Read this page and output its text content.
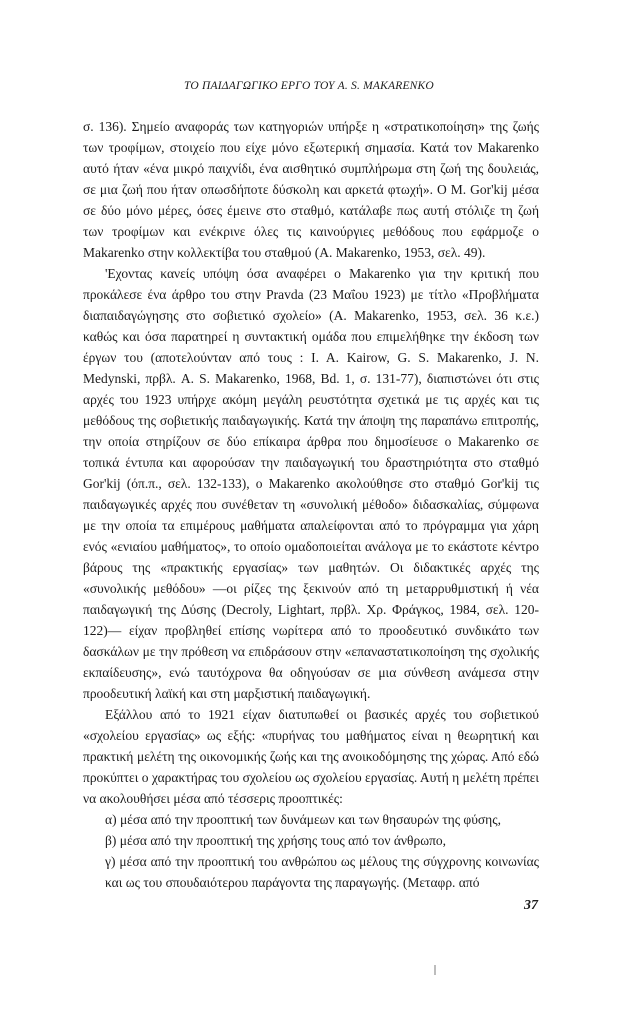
ΤΟ ΠΑΙΔΑΓΩΓΙΚΟ ΕΡΓΟ ΤΟΥ A. S. MAKARENKO

σ. 136). Σημείο αναφοράς των κατηγοριών υπήρξε η «στρατικοποίηση» της ζωής των τροφίμων, στοιχείο που είχε μόνο εξωτερική σημασία. Κατά τον Makarenko αυτό ήταν «ένα μικρό παιχνίδι, ένα αισθητικό συμπλήρωμα στη ζωή της δουλειάς, σε μια ζωή που ήταν οπωσδήποτε δύσκολη και αρκετά φτωχή». Ο Μ. Gor'kij μέσα σε δύο μόνο μέρες, όσες έμεινε στο σταθμό, κατάλαβε πως αυτή στόλιζε τη ζωή των τροφίμων και ενέκρινε όλες τις καινούργιες μεθόδους που εφάρμοζε ο Makarenko στην κολλεκτίβα του σταθμού (A. Makarenko, 1953, σελ. 49).

'Εχοντας κανείς υπόψη όσα αναφέρει ο Makarenko για την κριτική που προκάλεσε ένα άρθρο του στην Pravda (23 Μαΐου 1923) με τίτλο «Προβλήματα διαπαιδαγώγησης στο σοβιετικό σχολείο» (A. Makarenko, 1953, σελ. 36 κ.ε.) καθώς και όσα παρατηρεί η συντακτική ομάδα που επιμελήθηκε την έκδοση των έργων του (αποτελούνταν από τους : I. A. Kairow, G. S. Makarenko, J. N. Medynski, πρβλ. A. S. Makarenko, 1968, Bd. 1, σ. 131-77), διαπιστώνει ότι στις αρχές του 1923 υπήρχε ακόμη μεγάλη ρευστότητα σχετικά με τις αρχές και τις μεθόδους της σοβιετικής παιδαγωγικής. Κατά την άποψη της παραπάνω επιτροπής, την οποία στηρίζουν σε δύο επίκαιρα άρθρα που δημοσίευσε ο Makarenko σε τοπικά έντυπα και αφορούσαν την παιδαγωγική του δραστηριότητα στο σταθμό Gor'kij (όπ.π., σελ. 132-133), ο Makarenko ακολούθησε στο σταθμό Gor'kij τις παιδαγωγικές αρχές που συνέθεταν τη «συνολική μέθοδο» διδασκαλίας, σύμφωνα με την οποία τα επιμέρους μαθήματα απαλείφονται από το πρόγραμμα για χάρη ενός «ενιαίου μαθήματος», το οποίο ομαδοποιείται ανάλογα με το εκάστοτε κέντρο βάρους της «πρακτικής εργασίας» των μαθητών. Οι διδακτικές αρχές της «συνολικής μεθόδου» —οι ρίζες της ξεκινούν από τη μεταρρυθμιστική ή νέα παιδαγωγική της Δύσης (Decroly, Lightart, πρβλ. Χρ. Φράγκος, 1984, σελ. 120-122)— είχαν προβληθεί επίσης νωρίτερα από το προοδευτικό συνδικάτο των δασκάλων με την πρόθεση να επιδράσουν στην «επαναστατικοποίηση της σχολικής εκπαίδευσης», ενώ ταυτόχρονα θα οδηγούσαν σε μια σύνθεση ανάμεσα στην προοδευτική λαϊκή και στη μαρξιστική παιδαγωγική.

Εξάλλου από το 1921 είχαν διατυπωθεί οι βασικές αρχές του σοβιετικού «σχολείου εργασίας» ως εξής: «πυρήνας του μαθήματος είναι η θεωρητική και πρακτική μελέτη της οικονομικής ζωής και της ανοικοδόμησης της χώρας. Από εδώ προκύπτει ο χαρακτήρας του σχολείου ως σχολείου εργασίας. Αυτή η μελέτη πρέπει να ακολουθήσει μέσα από τέσσερις προοπτικές:

α) μέσα από την προοπτική των δυνάμεων και των θησαυρών της φύσης,

β) μέσα από την προοπτική της χρήσης τους από τον άνθρωπο,

γ) μέσα από την προοπτική του ανθρώπου ως μέλους της σύγχρονης κοινωνίας και ως του σπουδαιότερου παράγοντα της παραγωγής. (Μεταφρ. από

37
